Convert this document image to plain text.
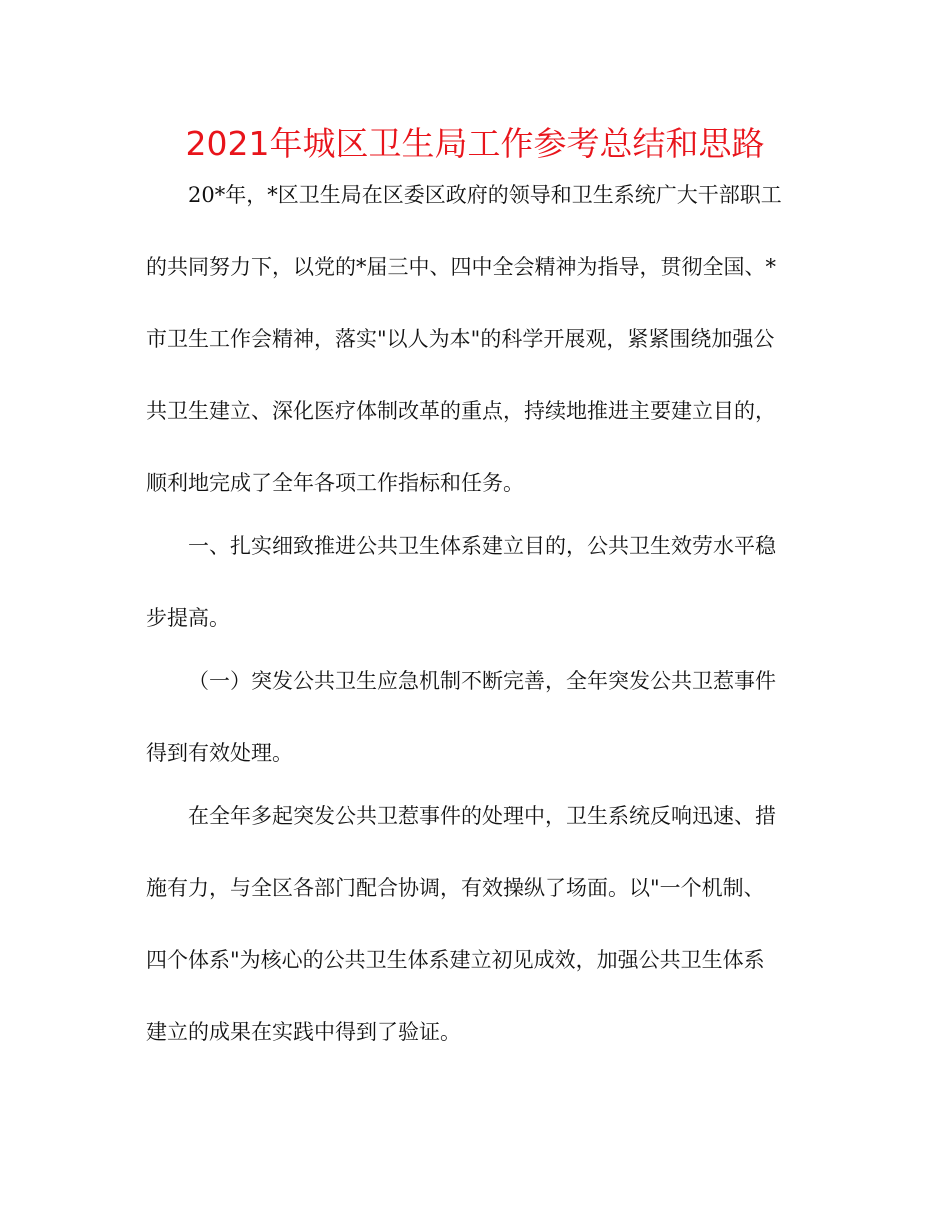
2021年城区卫生局工作参考总结和思路

20*年，*区卫生局在区委区政府的领导和卫生系统广大干部职工

的共同努力下，以党的*届三中、四中全会精神为指导，贯彻全国、*

市卫生工作会精神，落实"以人为本"的科学开展观，紧紧围绕加强公

共卫生建立、深化医疗体制改革的重点，持续地推进主要建立目的，

顺利地完成了全年各项工作指标和任务。

一、扎实细致推进公共卫生体系建立目的，公共卫生效劳水平稳

步提高。

（一）突发公共卫生应急机制不断完善，全年突发公共卫惹事件

得到有效处理。

在全年多起突发公共卫惹事件的处理中，卫生系统反响迅速、措

施有力，与全区各部门配合协调，有效操纵了场面。以"一个机制、

四个体系"为核心的公共卫生体系建立初见成效，加强公共卫生体系

建立的成果在实践中得到了验证。
